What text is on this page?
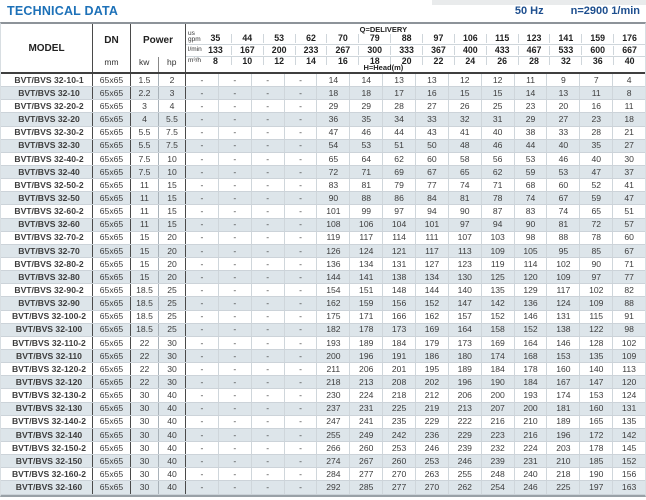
TECHNICAL DATA	50 Hz n=2900 1/min
MODEL
DN
mm
Power
kw	hp
Q=DELIVERY
us gpm	35	44	53	62	70	79	88	97	106	115	123	141	159	176
l/min 133	167	200	233	267	300	333	367	400	433	467	533	600	667
m³/h	8	10	12	14	16	18	20	22	24	26	28	32	36	40
H=Head(m)
BVT/BVS 32-10-1	65x65	1.5	2	-	-	-	-	14	14	13	13	12	12	11	9	7	4
BVT/BVS 32-10	65x65	2.2	3	-	-	-	-	18	18	17	16	15	15	14	13	11	8
BVT/BVS 32-20-2	65x65	3	4	-	-	-	-	29	29	28	27	26	25	23	20	16	11
BVT/BVS 32-20	65x65	4	5.5	-	-	-	-	36	35	34	33	32	31	29	27	23	18
BVT/BVS 32-30-2	65x65	5.5	7.5	-	-	-	-	47	46	44	43	41	40	38	33	28	21
BVT/BVS 32-30	65x65	5.5	7.5	-	-	-	-	54	53	51	50	48	46	44	40	35	27
BVT/BVS 32-40-2	65x65	7.5	10	-	-	-	-	65	64	62	60	58	56	53	46	40	30
BVT/BVS 32-40	65x65	7.5	10	-	-	-	-	72	71	69	67	65	62	59	53	47	37
BVT/BVS 32-50-2	65x65	11	15	-	-	-	-	83	81	79	77	74	71	68	60	52	41
BVT/BVS 32-50	65x65	11	15	-	-	-	-	90	88	86	84	81	78	74	67	59	47
BVT/BVS 32-60-2	65x65	11	15	-	-	-	-	101	99	97	94	90	87	83	74	65	51
BVT/BVS 32-60	65x65	11	15	-	-	-	-	108	106	104	101	97	94	90	81	72	57
BVT/BVS 32-70-2	65x65	15	20	-	-	-	-	119	117	114	111	107	103	98	88	78	60
BVT/BVS 32-70	65x65	15	20	-	-	-	-	126	124	121	117	113	109	105	95	85	67
BVT/BVS 32-80-2	65x65	15	20	-	-	-	-	136	134	131	127	123	119	114	102	90	71
BVT/BVS 32-80	65x65	15	20	-	-	-	-	144	141	138	134	130	125	120	109	97	77
BVT/BVS 32-90-2	65x65	18.5	25	-	-	-	-	154	151	148	144	140	135	129	117	102	82
BVT/BVS 32-90	65x65	18.5	25	-	-	-	-	162	159	156	152	147	142	136	124	109	88
BVT/BVS 32-100-2	65x65	18.5	25	-	-	-	-	175	171	166	162	157	152	146	131	115	91
BVT/BVS 32-100	65x65	18.5	25	-	-	-	-	182	178	173	169	164	158	152	138	122	98
BVT/BVS 32-110-2	65x65	22	30	-	-	-	-	193	189	184	179	173	169	164	146	128	102
BVT/BVS 32-110	65x65	22	30	-	-	-	-	200	196	191	186	180	174	168	153	135	109
BVT/BVS 32-120-2	65x65	22	30	-	-	-	-	211	206	201	195	189	184	178	160	140	113
BVT/BVS 32-120	65x65	22	30	-	-	-	-	218	213	208	202	196	190	184	167	147	120
BVT/BVS 32-130-2	65x65	30	40	-	-	-	-	230	224	218	212	206	200	193	174	153	124
BVT/BVS 32-130	65x65	30	40	-	-	-	-	237	231	225	219	213	207	200	181	160	131
BVT/BVS 32-140-2	65x65	30	40	-	-	-	-	247	241	235	229	222	216	210	189	165	135
BVT/BVS 32-140	65x65	30	40	-	-	-	-	255	249	242	236	229	223	216	196	172	142
BVT/BVS 32-150-2	65x65	30	40	-	-	-	-	266	260	253	246	239	232	224	203	178	145
BVT/BVS 32-150	65x65	30	40	-	-	-	-	274	267	260	253	246	239	231	210	185	152
BVT/BVS 32-160-2	65x65	30	40	-	-	-	-	284	277	270	263	255	248	240	218	190	156
BVT/BVS 32-160	65x65	30	40	-	-	-	-	292	285	277	270	262	254	246	225	197	163
